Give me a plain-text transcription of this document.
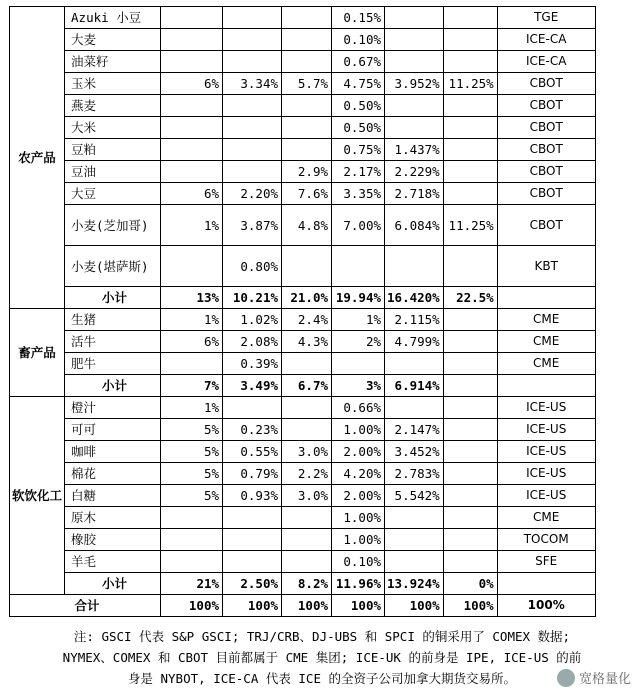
农产品	Azuki 小豆				0.15%			TGE
	大麦				0.10%			ICE-CA
	油菜籽				0.67%			ICE-CA
	玉米	6%	3.34%	5.7%	4.75%	3.952%	11.25%	CBOT
	燕麦				0.50%			CBOT
	大米				0.50%			CBOT
	豆粕				0.75%	1.437%		CBOT
	豆油			2.9%	2.17%	2.229%		CBOT
	大豆	6%	2.20%	7.6%	3.35%	2.718%		CBOT
	小麦(芝加哥)	1%	3.87%	4.8%	7.00%	6.084%	11.25%	CBOT
	小麦(堪萨斯)		0.80%					KBT
	小计	13%	10.21%	21.0%	19.94%	16.420%	22.5%	
畜产品	生猪	1%	1.02%	2.4%	1%	2.115%		CME
	活牛	6%	2.08%	4.3%	2%	4.799%		CME
	肥牛		0.39%					CME
	小计	7%	3.49%	6.7%	3%	6.914%		
软饮化工	橙汁	1%			0.66%			ICE-US
	可可	5%	0.23%		1.00%	2.147%		ICE-US
	咖啡	5%	0.55%	3.0%	2.00%	3.452%		ICE-US
	棉花	5%	0.79%	2.2%	4.20%	2.783%		ICE-US
	白糖	5%	0.93%	3.0%	2.00%	5.542%		ICE-US
	原木				1.00%			CME
	橡胶				1.00%			TOCOM
	羊毛				0.10%			SFE
	小计	21%	2.50%	8.2%	11.96%	13.924%	0%	
合计		100%	100%	100%	100%	100%	100%	100%
注: GSCI 代表 S&P GSCI; TRJ/CRB、DJ-UBS 和 SPCI 的铜采用了 COMEX 数据;
NYMEX、COMEX 和 CBOT 目前都属于 CME 集团; ICE-UK 的前身是 IPE, ICE-US 的前
身是 NYBOT, ICE-CA 代表 ICE 的全资子公司加拿大期货交易所。	宽格量化
